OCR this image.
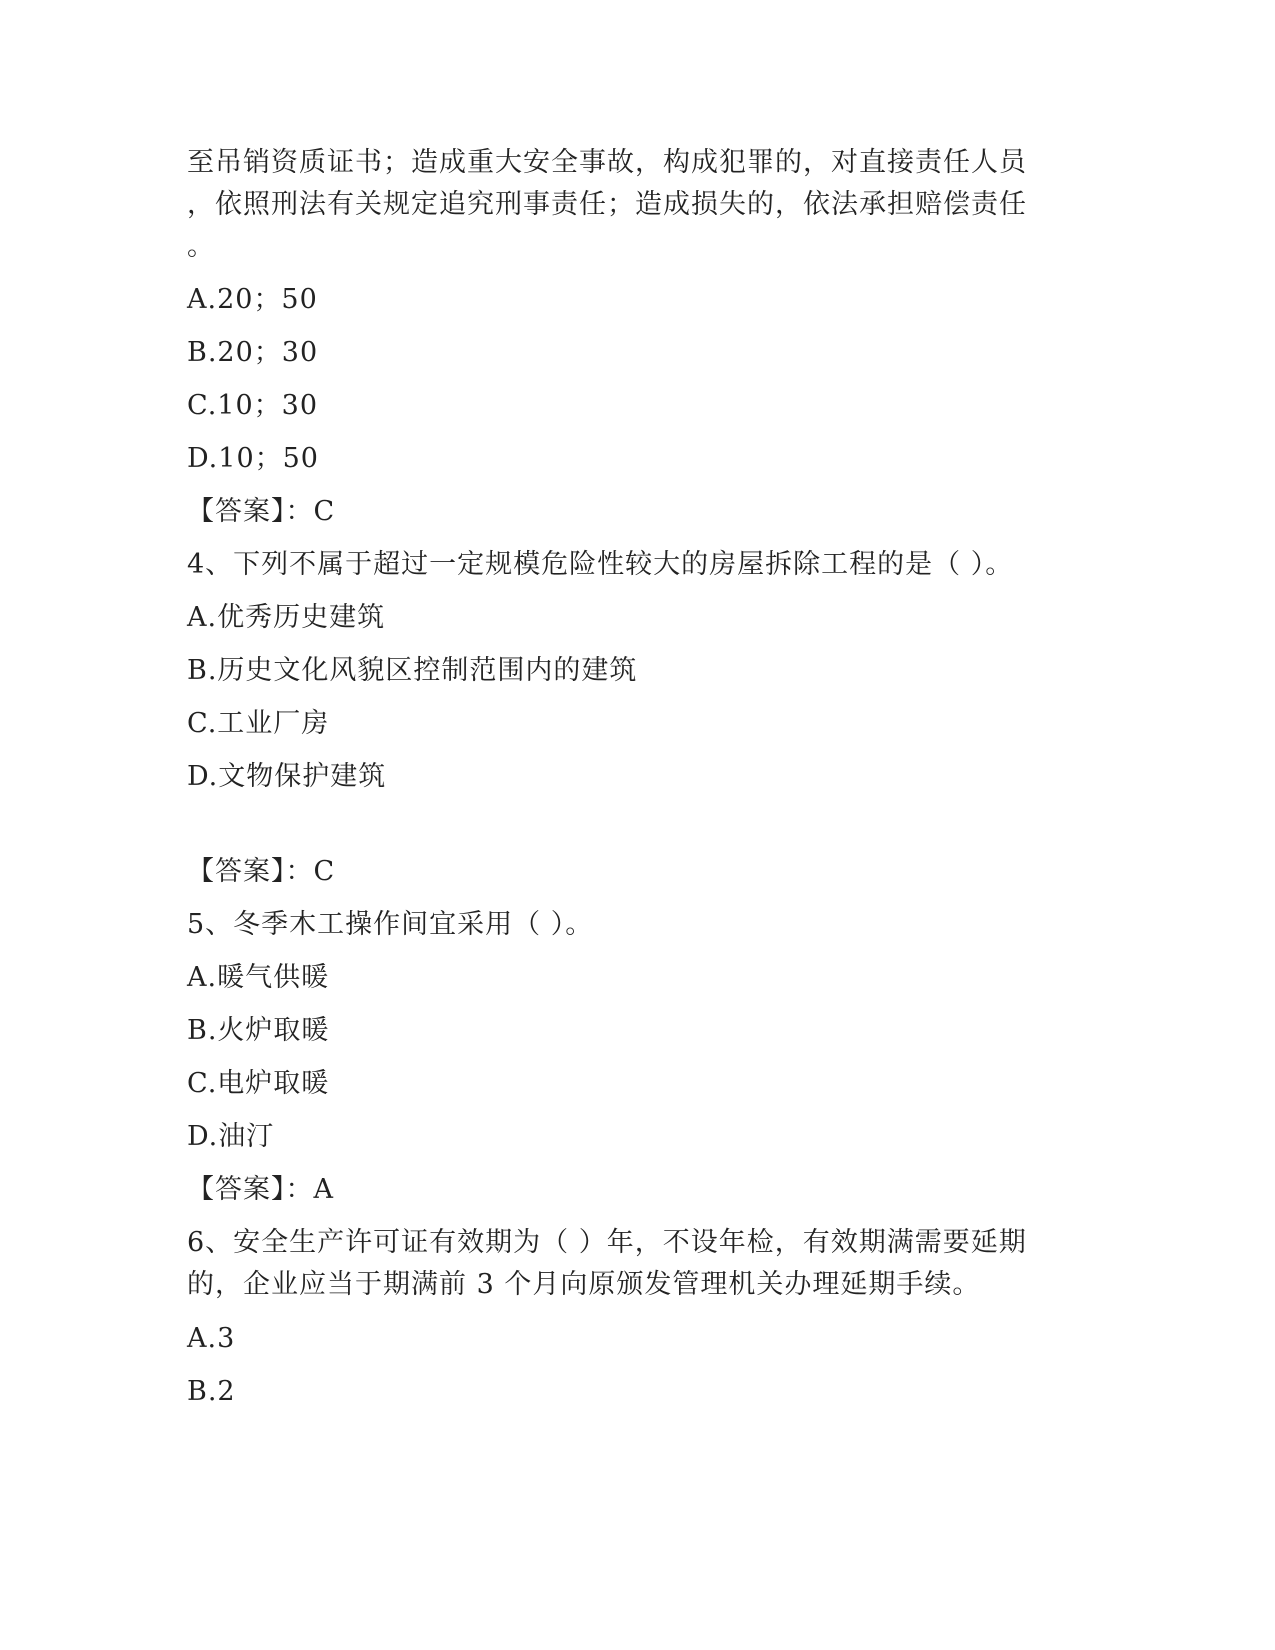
至吊销资质证书；造成重大安全事故，构成犯罪的，对直接责任人员
，依照刑法有关规定追究刑事责任；造成损失的，依法承担赔偿责任
。
A.20；50
B.20；30
C.10；30
D.10；50
【答案】：C
4、下列不属于超过一定规模危险性较大的房屋拆除工程的是（ ）。
A.优秀历史建筑
B.历史文化风貌区控制范围内的建筑
C.工业厂房
D.文物保护建筑
【答案】：C
5、冬季木工操作间宜采用（ ）。
A.暖气供暖
B.火炉取暖
C.电炉取暖
D.油汀
【答案】：A
6、安全生产许可证有效期为（ ）年，不设年检，有效期满需要延期
的，企业应当于期满前 3 个月向原颁发管理机关办理延期手续。
A.3
B.2
